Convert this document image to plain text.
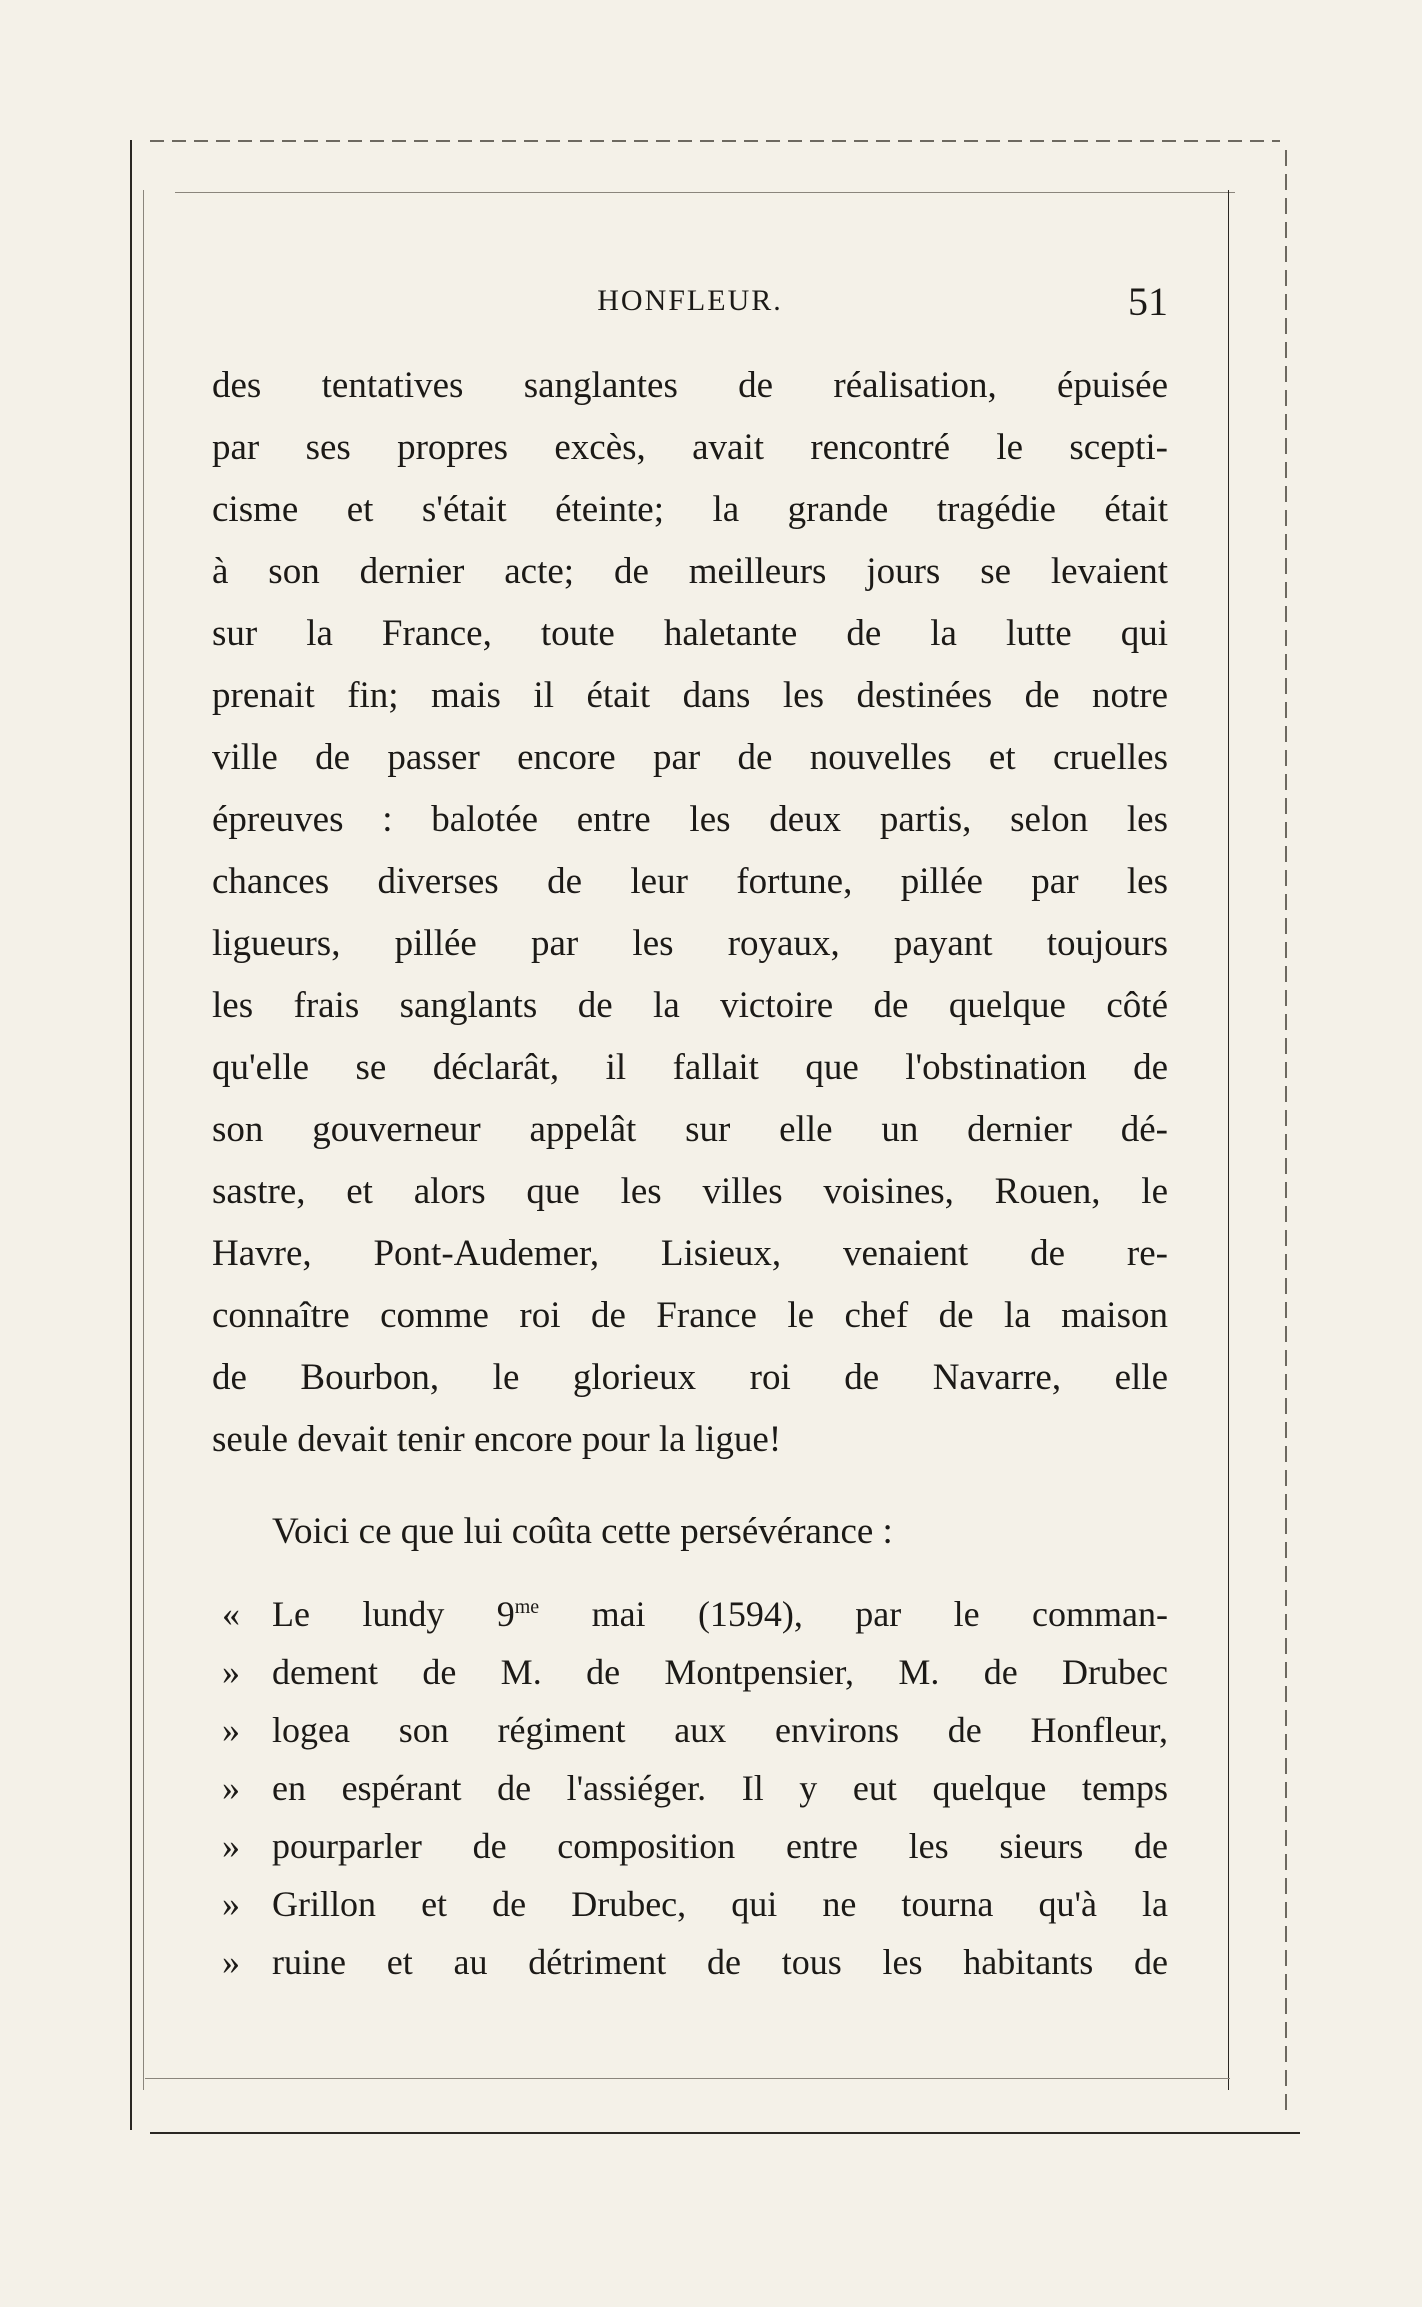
HONFLEUR.	51
des tentatives sanglantes de réalisation, épuisée
par ses propres excès, avait rencontré le scepti-
cisme et s'était éteinte; la grande tragédie était
à son dernier acte; de meilleurs jours se levaient
sur la France, toute haletante de la lutte qui
prenait fin; mais il était dans les destinées de notre
ville de passer encore par de nouvelles et cruelles
épreuves : balotée entre les deux partis, selon les
chances diverses de leur fortune, pillée par les
ligueurs, pillée par les royaux, payant toujours
les frais sanglants de la victoire de quelque côté
qu'elle se déclarât, il fallait que l'obstination de
son gouverneur appelât sur elle un dernier dé-
sastre, et alors que les villes voisines, Rouen, le
Havre, Pont-Audemer, Lisieux, venaient de re-
connaître comme roi de France le chef de la maison
de Bourbon, le glorieux roi de Navarre, elle
seule devait tenir encore pour la ligue!
Voici ce que lui coûta cette persévérance :
« Le lundy $9^{me}$ mai (1594), par le comman-
» dement de M. de Montpensier, M. de Drubec
» logea son régiment aux environs de Honfleur,
» en espérant de l'assiéger. Il y eut quelque temps
» pourparler de composition entre les sieurs de
» Grillon et de Drubec, qui ne tourna qu'à la
» ruine et au détriment de tous les habitants de
